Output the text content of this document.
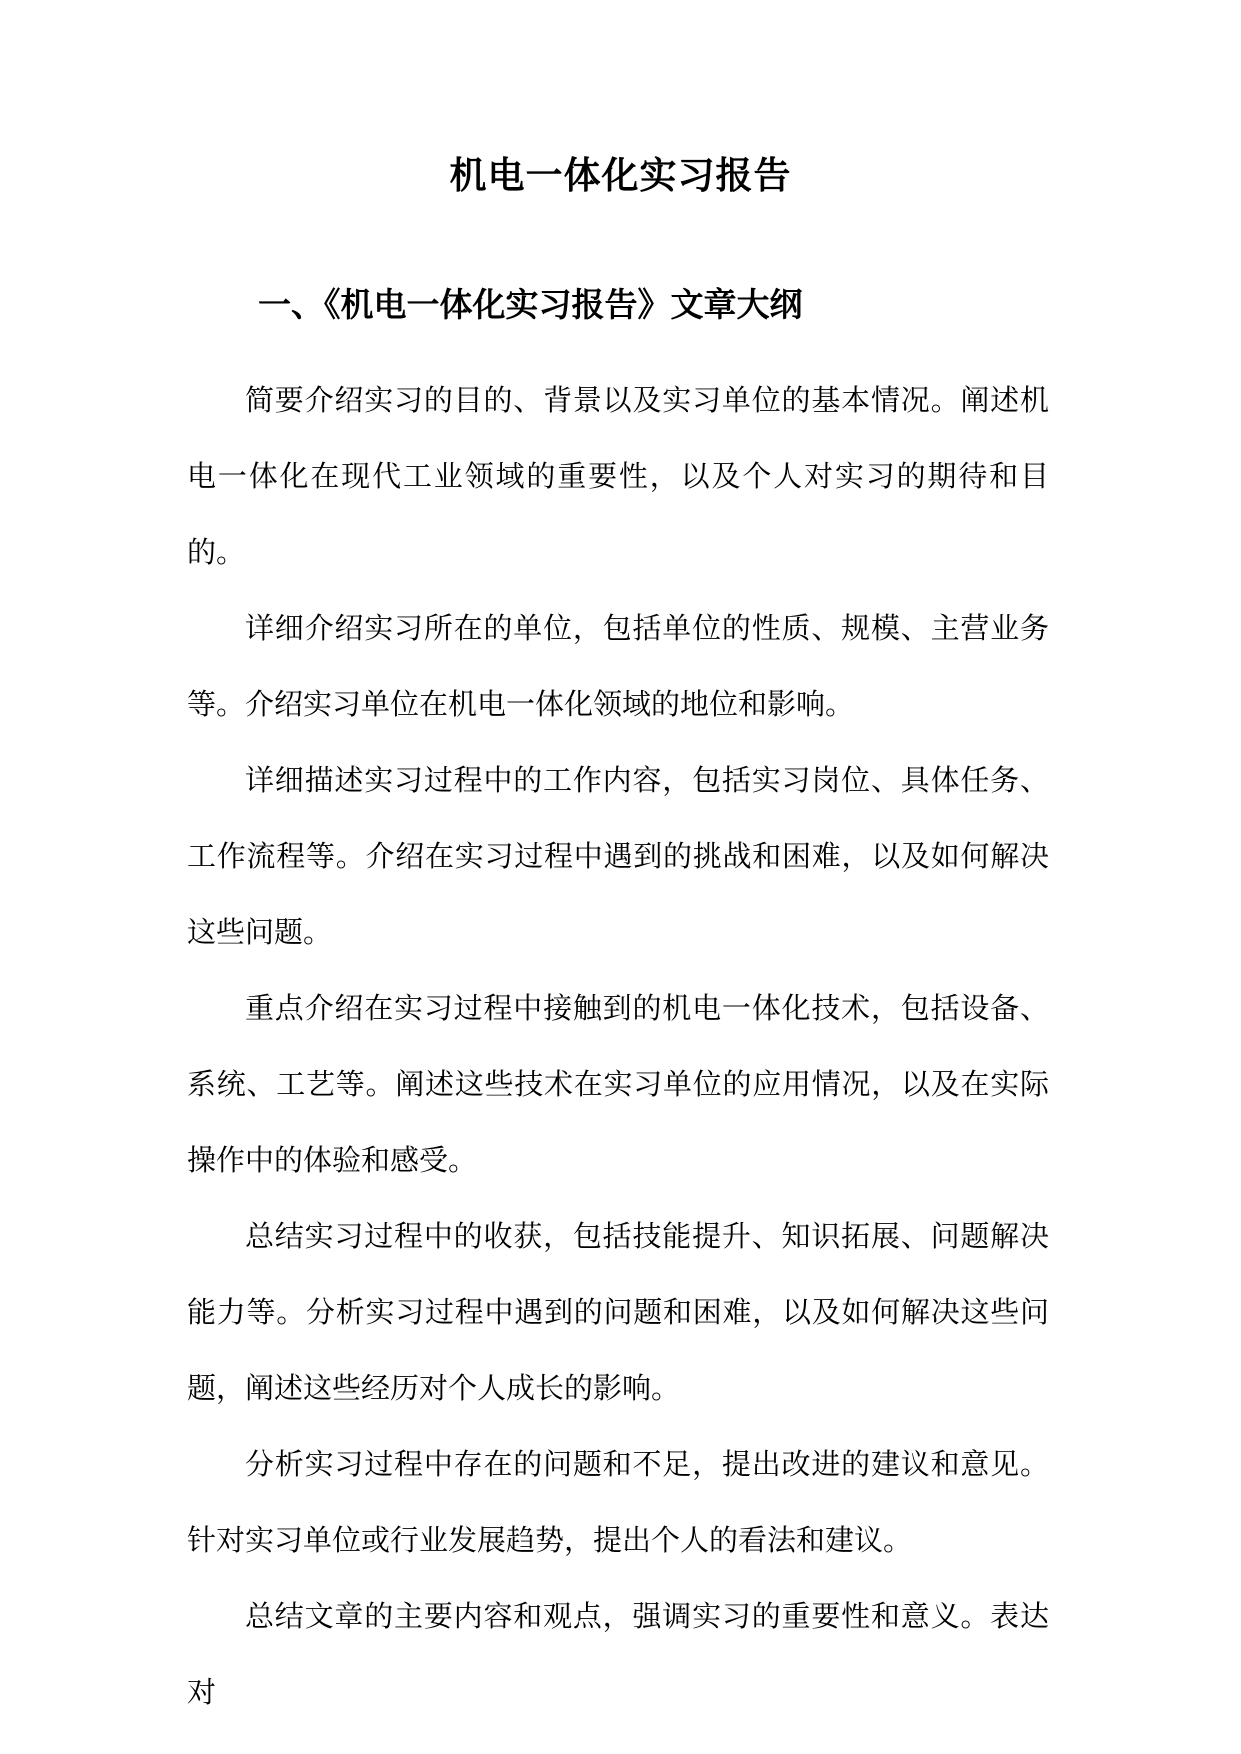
机电一体化实习报告
一、《机电一体化实习报告》文章大纲

简要介绍实习的目的、背景以及实习单位的基本情况。阐述机电一体化在现代工业领域的重要性，以及个人对实习的期待和目的。

详细介绍实习所在的单位，包括单位的性质、规模、主营业务等。介绍实习单位在机电一体化领域的地位和影响。

详细描述实习过程中的工作内容，包括实习岗位、具体任务、工作流程等。介绍在实习过程中遇到的挑战和困难，以及如何解决这些问题。

重点介绍在实习过程中接触到的机电一体化技术，包括设备、系统、工艺等。阐述这些技术在实习单位的应用情况，以及在实际操作中的体验和感受。

总结实习过程中的收获，包括技能提升、知识拓展、问题解决能力等。分析实习过程中遇到的问题和困难，以及如何解决这些问题，阐述这些经历对个人成长的影响。

分析实习过程中存在的问题和不足，提出改进的建议和意见。针对实习单位或行业发展趋势，提出个人的看法和建议。

总结文章的主要内容和观点，强调实习的重要性和意义。表达对
